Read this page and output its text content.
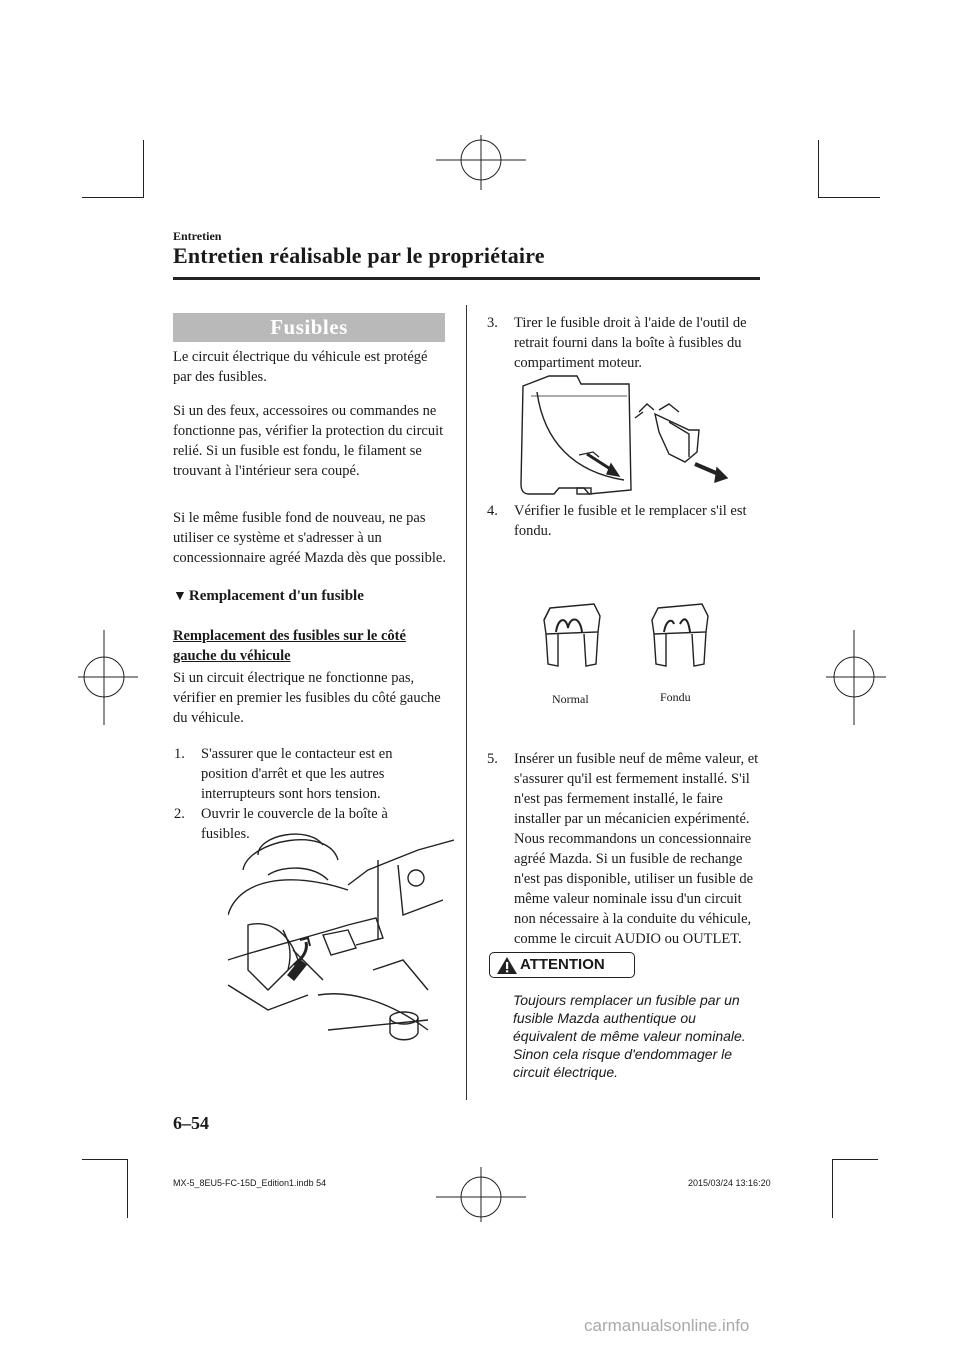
Entretien
Entretien réalisable par le propriétaire
Fusibles
Le circuit électrique du véhicule est protégé par des fusibles.
Si un des feux, accessoires ou commandes ne fonctionne pas, vérifier la protection du circuit relié. Si un fusible est fondu, le filament se trouvant à l'intérieur sera coupé.
Si le même fusible fond de nouveau, ne pas utiliser ce système et s'adresser à un concessionnaire agréé Mazda dès que possible.
▼ Remplacement d'un fusible
Remplacement des fusibles sur le côté gauche du véhicule
Si un circuit électrique ne fonctionne pas, vérifier en premier les fusibles du côté gauche du véhicule.
1. S'assurer que le contacteur est en position d'arrêt et que les autres interrupteurs sont hors tension.
2. Ouvrir le couvercle de la boîte à fusibles.
3. Tirer le fusible droit à l'aide de l'outil de retrait fourni dans la boîte à fusibles du compartiment moteur.
4. Vérifier le fusible et le remplacer s'il est fondu.
Normal	Fondu
5. Insérer un fusible neuf de même valeur, et s'assurer qu'il est fermement installé. S'il n'est pas fermement installé, le faire installer par un mécanicien expérimenté. Nous recommandons un concessionnaire agréé Mazda. Si un fusible de rechange n'est pas disponible, utiliser un fusible de même valeur nominale issu d'un circuit non nécessaire à la conduite du véhicule, comme le circuit AUDIO ou OUTLET.
ATTENTION
Toujours remplacer un fusible par un fusible Mazda authentique ou équivalent de même valeur nominale. Sinon cela risque d'endommager le circuit électrique.
6–54
MX-5_8EU5-FC-15D_Edition1.indb 54	2015/03/24 13:16:20
carmanualsonline.info
